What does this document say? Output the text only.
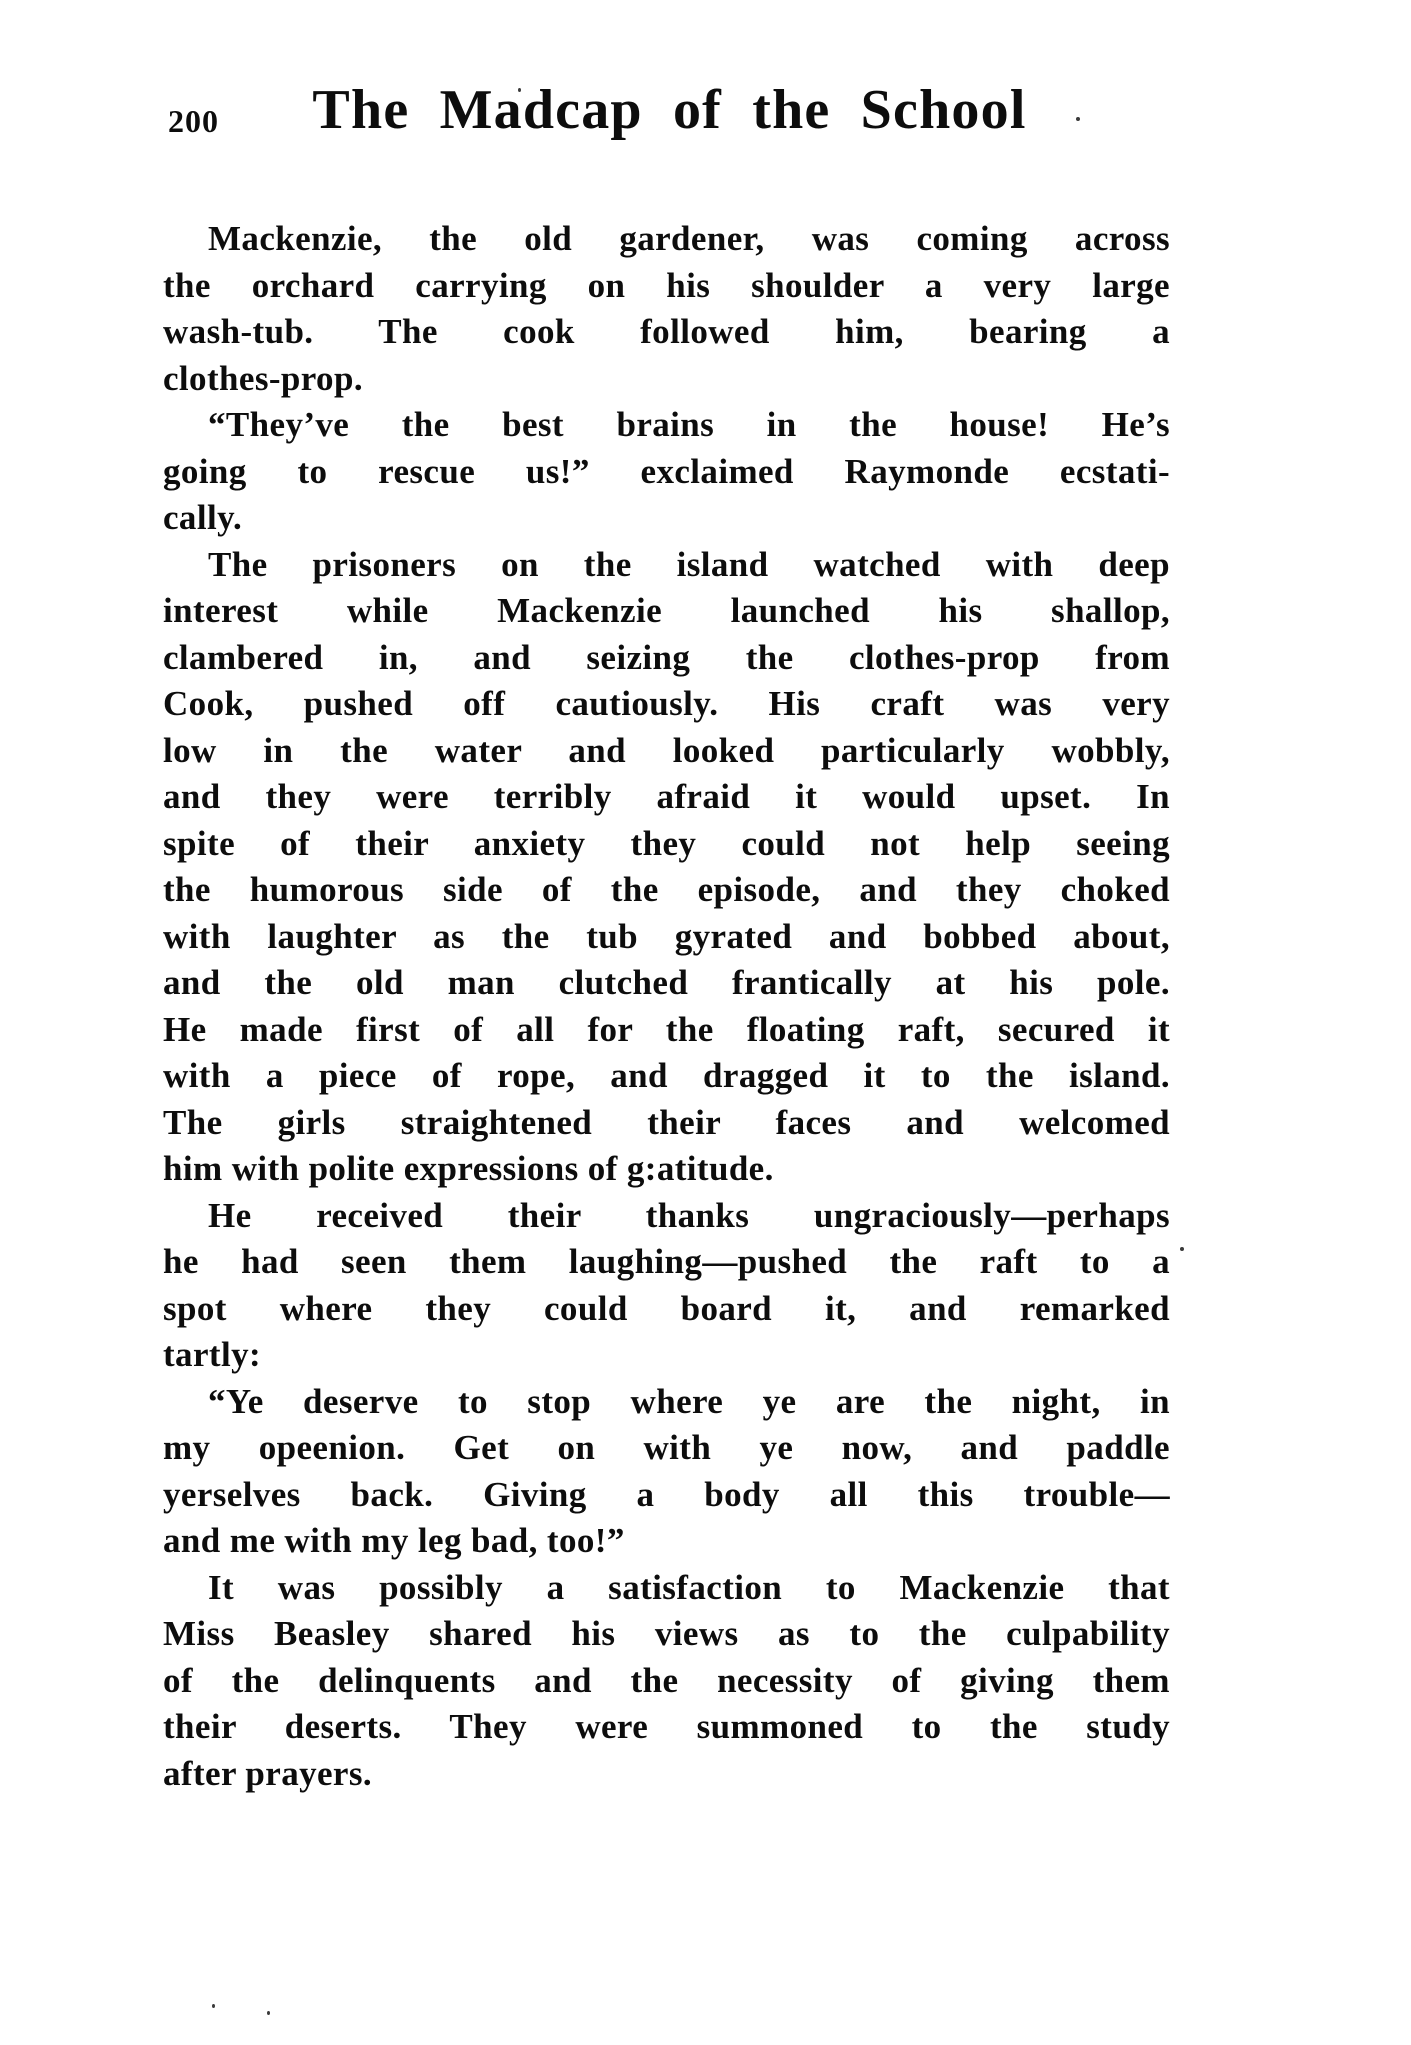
200	The Madcap of the School
Mackenzie, the old gardener, was coming across
the orchard carrying on his shoulder a very large
wash-tub. The cook followed him, bearing a
clothes-prop.
“They’ve the best brains in the house! He’s
going to rescue us!” exclaimed Raymonde ecstati-
cally.
The prisoners on the island watched with deep
interest while Mackenzie launched his shallop,
clambered in, and seizing the clothes-prop from
Cook, pushed off cautiously. His craft was very
low in the water and looked particularly wobbly,
and they were terribly afraid it would upset. In
spite of their anxiety they could not help seeing
the humorous side of the episode, and they choked
with laughter as the tub gyrated and bobbed about,
and the old man clutched frantically at his pole.
He made first of all for the floating raft, secured it
with a piece of rope, and dragged it to the island.
The girls straightened their faces and welcomed
him with polite expressions of g:atitude.
He received their thanks ungraciously—perhaps
he had seen them laughing—pushed the raft to a
spot where they could board it, and remarked
tartly:
“Ye deserve to stop where ye are the night, in
my opeenion. Get on with ye now, and paddle
yerselves back. Giving a body all this trouble—
and me with my leg bad, too!”
It was possibly a satisfaction to Mackenzie that
Miss Beasley shared his views as to the culpability
of the delinquents and the necessity of giving them
their deserts. They were summoned to the study
after prayers.
